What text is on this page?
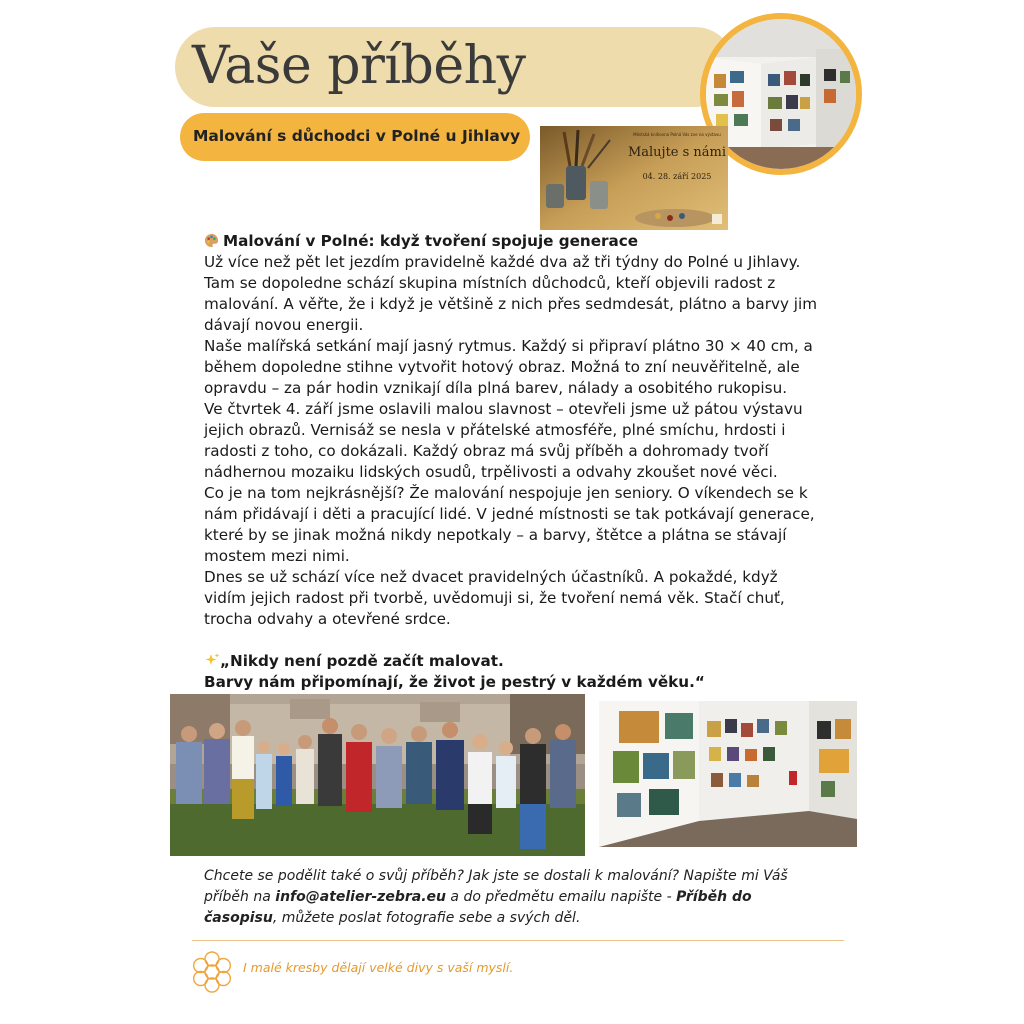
Vaše příběhy
Malování s důchodci v Polné u Jihlavy	Městská knihovna Polná Vás zve na výstavu
Malujte s námi
04. 28. září 2025

Malování v Polné: když tvoření spojuje generace

Už více než pět let jezdím pravidelně každé dva až tři týdny do Polné u Jihlavy. Tam se dopoledne schází skupina místních důchodců, kteří objevili radost z malování. A věřte, že i když je většině z nich přes sedmdesát, plátno a barvy jim dávají novou energii.

Naše malířská setkání mají jasný rytmus. Každý si připraví plátno 30 × 40 cm, a během dopoledne stihne vytvořit hotový obraz. Možná to zní neuvěřitelně, ale opravdu – za pár hodin vznikají díla plná barev, nálady a osobitého rukopisu.

Ve čtvrtek 4. září jsme oslavili malou slavnost – otevřeli jsme už pátou výstavu jejich obrazů. Vernisáž se nesla v přátelské atmosféře, plné smíchu, hrdosti i radosti z toho, co dokázali. Každý obraz má svůj příběh a dohromady tvoří nádhernou mozaiku lidských osudů, trpělivosti a odvahy zkoušet nové věci.

Co je na tom nejkrásnější? Že malování nespojuje jen seniory. O víkendech se k nám přidávají i děti a pracující lidé. V jedné místnosti se tak potkávají generace, které by se jinak možná nikdy nepotkaly – a barvy, štětce a plátna se stávají mostem mezi nimi.

Dnes se už schází více než dvacet pravidelných účastníků. A pokaždé, když vidím jejich radost při tvorbě, uvědomuji si, že tvoření nemá věk. Stačí chuť, trocha odvahy a otevřené srdce.

„Nikdy není pozdě začít malovat.
Barvy nám připomínají, že život je pestrý v každém věku.“
Chcete se podělit také o svůj příběh? Jak jste se dostali k malování? Napište mi Váš příběh na info@atelier-zebra.eu a do předmětu emailu napište - Příběh do časopisu, můžete poslat fotografie sebe a svých děl.
I malé kresby dělají velké divy s vaší myslí.
